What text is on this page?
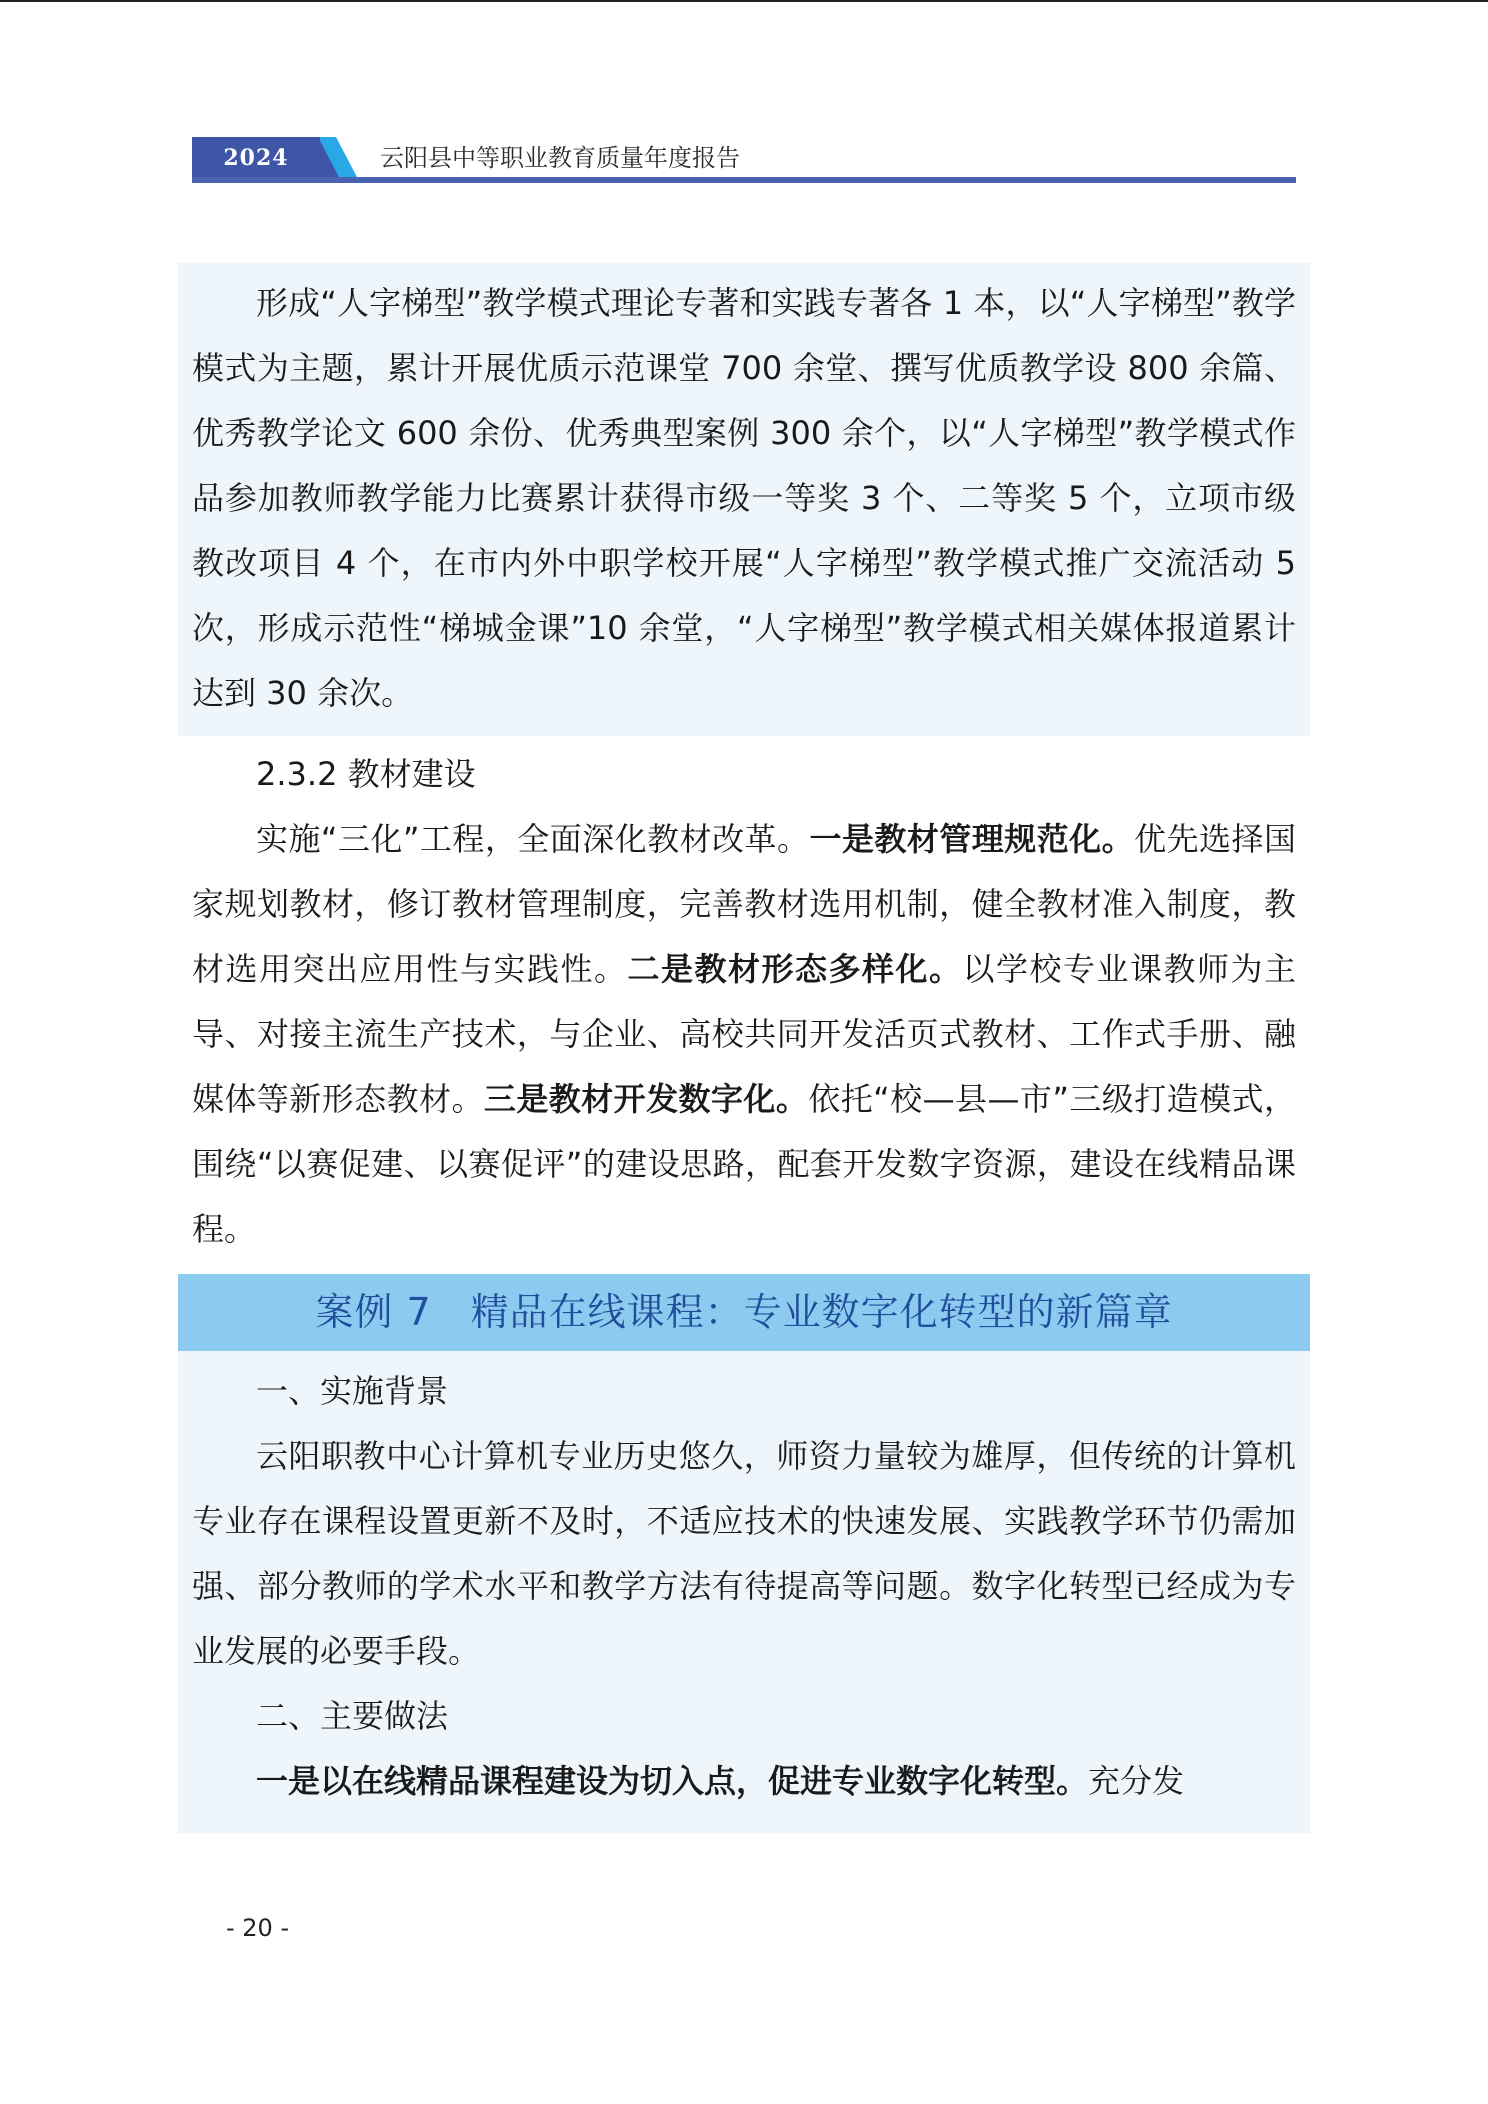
2024	云阳县中等职业教育质量年度报告

形成“人字梯型”教学模式理论专著和实践专著各 1 本，以“人字梯型”教学模式为主题，累计开展优质示范课堂 700 余堂、撰写优质教学设 800 余篇、优秀教学论文 600 余份、优秀典型案例 300 余个，以“人字梯型”教学模式作品参加教师教学能力比赛累计获得市级一等奖 3 个、二等奖 5 个，立项市级教改项目 4 个，在市内外中职学校开展“人字梯型”教学模式推广交流活动 5 次，形成示范性“梯城金课”10 余堂，“人字梯型”教学模式相关媒体报道累计达到 30 余次。

2.3.2 教材建设

实施“三化”工程，全面深化教材改革。一是教材管理规范化。优先选择国家规划教材，修订教材管理制度，完善教材选用机制，健全教材准入制度，教材选用突出应用性与实践性。二是教材形态多样化。以学校专业课教师为主导、对接主流生产技术，与企业、高校共同开发活页式教材、工作式手册、融媒体等新形态教材。三是教材开发数字化。依托“校—县—市”三级打造模式，围绕“以赛促建、以赛促评”的建设思路，配套开发数字资源，建设在线精品课程。

案例 7　精品在线课程：专业数字化转型的新篇章

一、实施背景

云阳职教中心计算机专业历史悠久，师资力量较为雄厚，但传统的计算机专业存在课程设置更新不及时，不适应技术的快速发展、实践教学环节仍需加强、部分教师的学术水平和教学方法有待提高等问题。数字化转型已经成为专业发展的必要手段。

二、主要做法

一是以在线精品课程建设为切入点，促进专业数字化转型。充分发

- 20 -
